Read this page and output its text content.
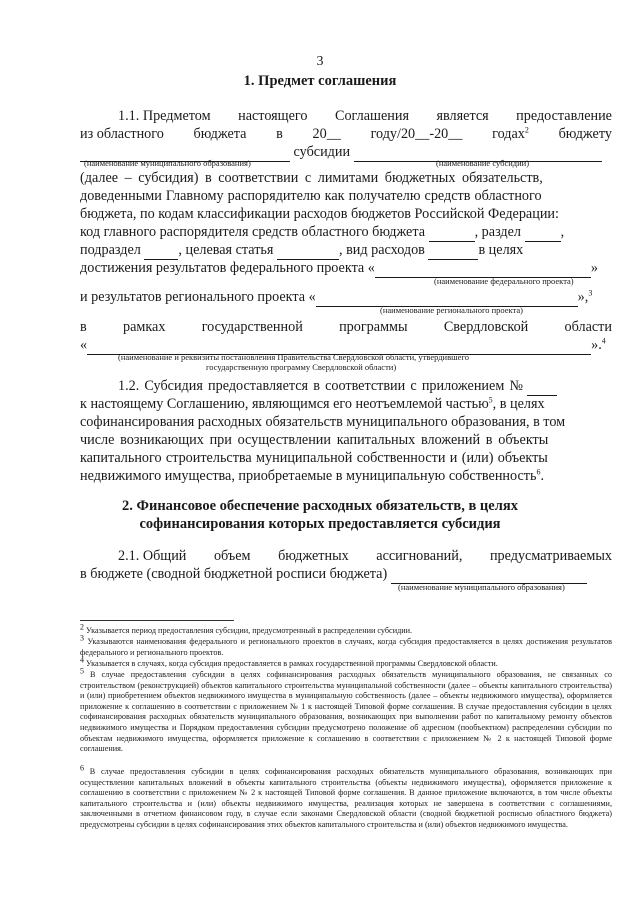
3
1. Предмет соглашения
1.1. Предметом настоящего Соглашения является предоставление
из областного бюджета в 20__ году/20__-20__ годах$^2$ бюджету
субсидии
(наименование муниципального образования)	(наименование субсидии)
(далее – субсидия) в соответствии с лимитами бюджетных обязательств,
доведенными Главному распорядителю как получателю средств областного
бюджета, по кодам классификации расходов бюджетов Российской Федерации:
код главного распорядителя средств областного бюджета	, раздел	,
подраздел	, целевая статья	, вид расходов	в целях
достижения результатов федерального проекта «	»
(наименование федерального проекта)
и результатов регионального проекта «	»,$^3$
(наименование регионального проекта)
в	рамках	государственной	программы	Свердловской	области
«	».$^4$
(наименование и реквизиты постановления Правительства Свердловской области, утвердившего
государственную программу Свердловской области)
1.2. Субсидия предоставляется в соответствии с приложением №
к настоящему Соглашению, являющимся его неотъемлемой частью$^5$, в целях
софинансирования расходных обязательств муниципального образования, в том
числе возникающих при осуществлении капитальных вложений в объекты
капитального строительства муниципальной собственности и (или) объекты
недвижимого имущества, приобретаемые в муниципальную собственность$^6$.
2. Финансовое обеспечение расходных обязательств, в целях
софинансирования которых предоставляется субсидия
2.1. Общий объем бюджетных ассигнований, предусматриваемых
в бюджете (сводной бюджетной росписи бюджета)
(наименование муниципального образования)
$^2$ Указывается период предоставления субсидии, предусмотренный в распределении субсидии.
$^3$ Указываются наименования федерального и регионального проектов в случаях, когда субсидия предоставляется в целях достижения результатов федерального и регионального проектов.
$^4$ Указывается в случаях, когда субсидия предоставляется в рамках государственной программы Свердловской области.
$^5$ В случае предоставления субсидии в целях софинансирования расходных обязательств муниципального образования, не связанных со строительством (реконструкцией) объектов капитального строительства муниципальной собственности (далее – объекты капитального строительства) и (или) приобретением объектов недвижимого имущества в муниципальную собственность (далее – объекты недвижимого имущества), оформляется приложение к соглашению в соответствии с приложением № 1 к настоящей Типовой форме соглашения. В случае предоставления субсидии в целях софинансирования расходных обязательств муниципального образования, возникающих при выполнении работ по капитальному ремонту объектов недвижимого имущества и Порядком предоставления субсидии предусмотрено положение об адресном (пообъектном) распределении субсидии по объектам недвижимого имущества, оформляется приложение к соглашению в соответствии с приложением № 2 к настоящей Типовой форме соглашения.
$^6$ В случае предоставления субсидии в целях софинансирования расходных обязательств муниципального образования, возникающих при осуществлении капитальных вложений в объекты капитального строительства (объекты недвижимого имущества), оформляется приложение к соглашению в соответствии с приложением № 2 к настоящей Типовой форме соглашения. В данное приложение включаются, в том числе объекты капитального строительства и (или) объекты недвижимого имущества, реализация которых не завершена в соответствии с соглашениями, заключенными в отчетном финансовом году, в случае если законами Свердловской области (сводной бюджетной росписью областного бюджета) предусмотрены субсидии в целях софинансирования этих объектов капитального строительства и (или) объектов недвижимого имущества.
